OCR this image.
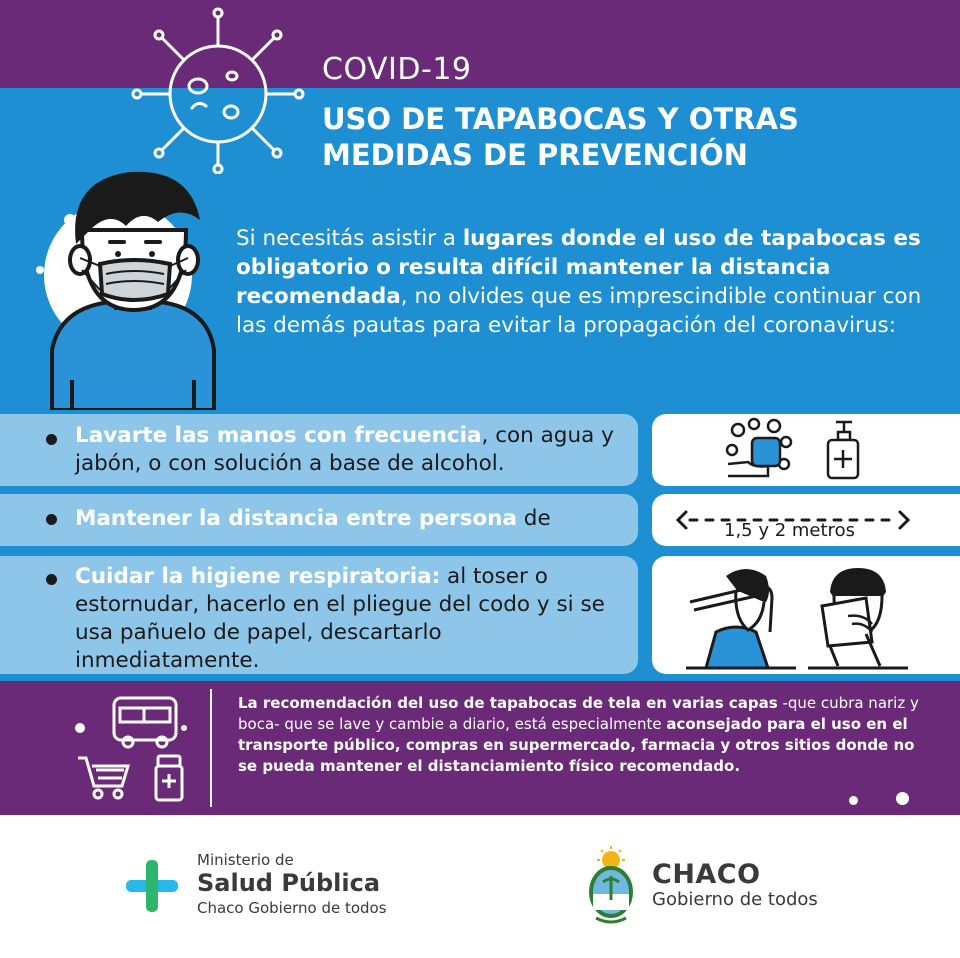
COVID-19
USO DE TAPABOCAS Y OTRAS
MEDIDAS DE PREVENCIÓN
Si necesitás asistir a lugares donde el uso de tapabocas es obligatorio o resulta difícil mantener la distancia recomendada, no olvides que es imprescindible continuar con las demás pautas para evitar la propagación del coronavirus:
Lavarte las manos con frecuencia, con agua y jabón, o con solución a base de alcohol.
Mantener la distancia entre persona de	1,5 y 2 metros
Cuidar la higiene respiratoria: al toser o estornudar, hacerlo en el pliegue del codo y si se usa pañuelo de papel, descartarlo inmediatamente.
La recomendación del uso de tapabocas de tela en varias capas -que cubra nariz y boca- que se lave y cambie a diario, está especialmente aconsejado para el uso en el transporte público, compras en supermercado, farmacia y otros sitios donde no se pueda mantener el distanciamiento físico recomendado.
Ministerio de
Salud Pública
Chaco Gobierno de todos
CHACO
Gobierno de todos
